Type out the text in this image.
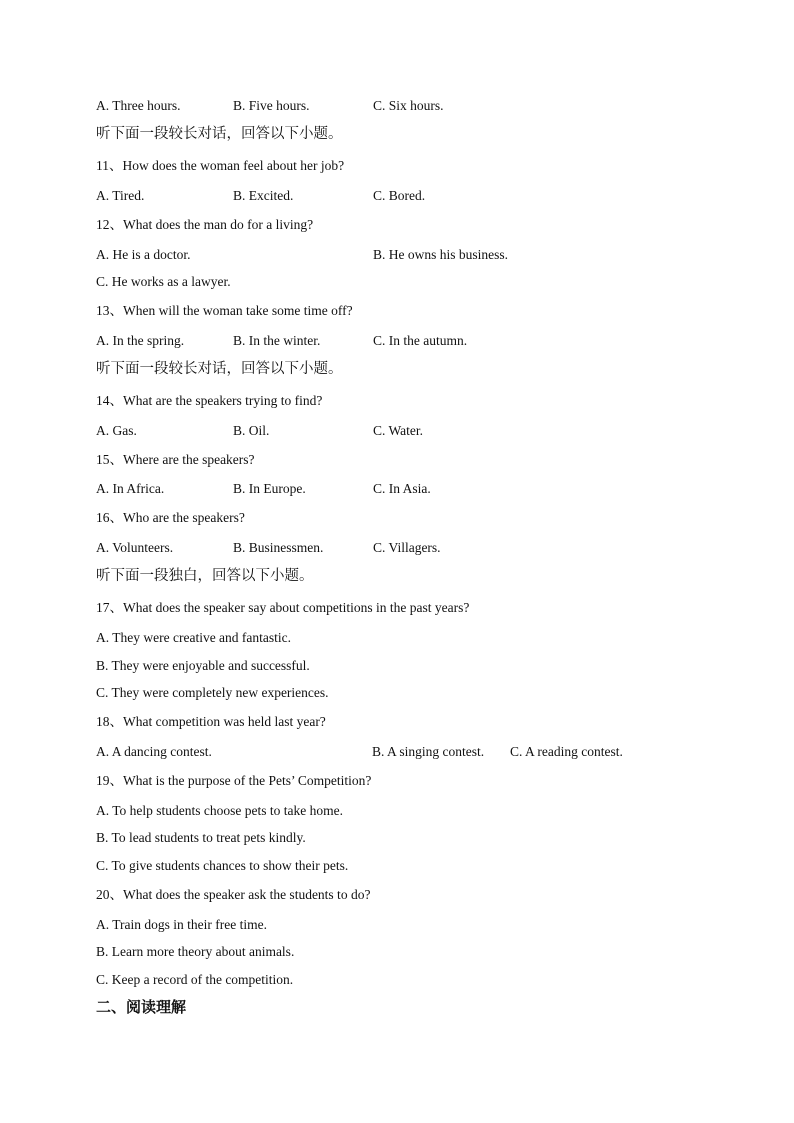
A. Three hours.	B. Five hours.	C. Six hours.
听下面一段较长对话，回答以下小题。
11、How does the woman feel about her job?
A. Tired.	B. Excited.	C. Bored.
12、What does the man do for a living?
A. He is a doctor.	B. He owns his business.
C. He works as a lawyer.
13、When will the woman take some time off?
A. In the spring.	B. In the winter.	C. In the autumn.
听下面一段较长对话，回答以下小题。
14、What are the speakers trying to find?
A. Gas.	B. Oil.	C. Water.
15、Where are the speakers?
A. In Africa.	B. In Europe.	C. In Asia.
16、Who are the speakers?
A. Volunteers.	B. Businessmen.	C. Villagers.
听下面一段独白，回答以下小题。
17、What does the speaker say about competitions in the past years?
A. They were creative and fantastic.
B. They were enjoyable and successful.
C. They were completely new experiences.
18、What competition was held last year?
A. A dancing contest.	B. A singing contest. C. A reading contest.
19、What is the purpose of the Pets’ Competition?
A. To help students choose pets to take home.
B. To lead students to treat pets kindly.
C. To give students chances to show their pets.
20、What does the speaker ask the students to do?
A. Train dogs in their free time.
B. Learn more theory about animals.
C. Keep a record of the competition.
二、阅读理解
